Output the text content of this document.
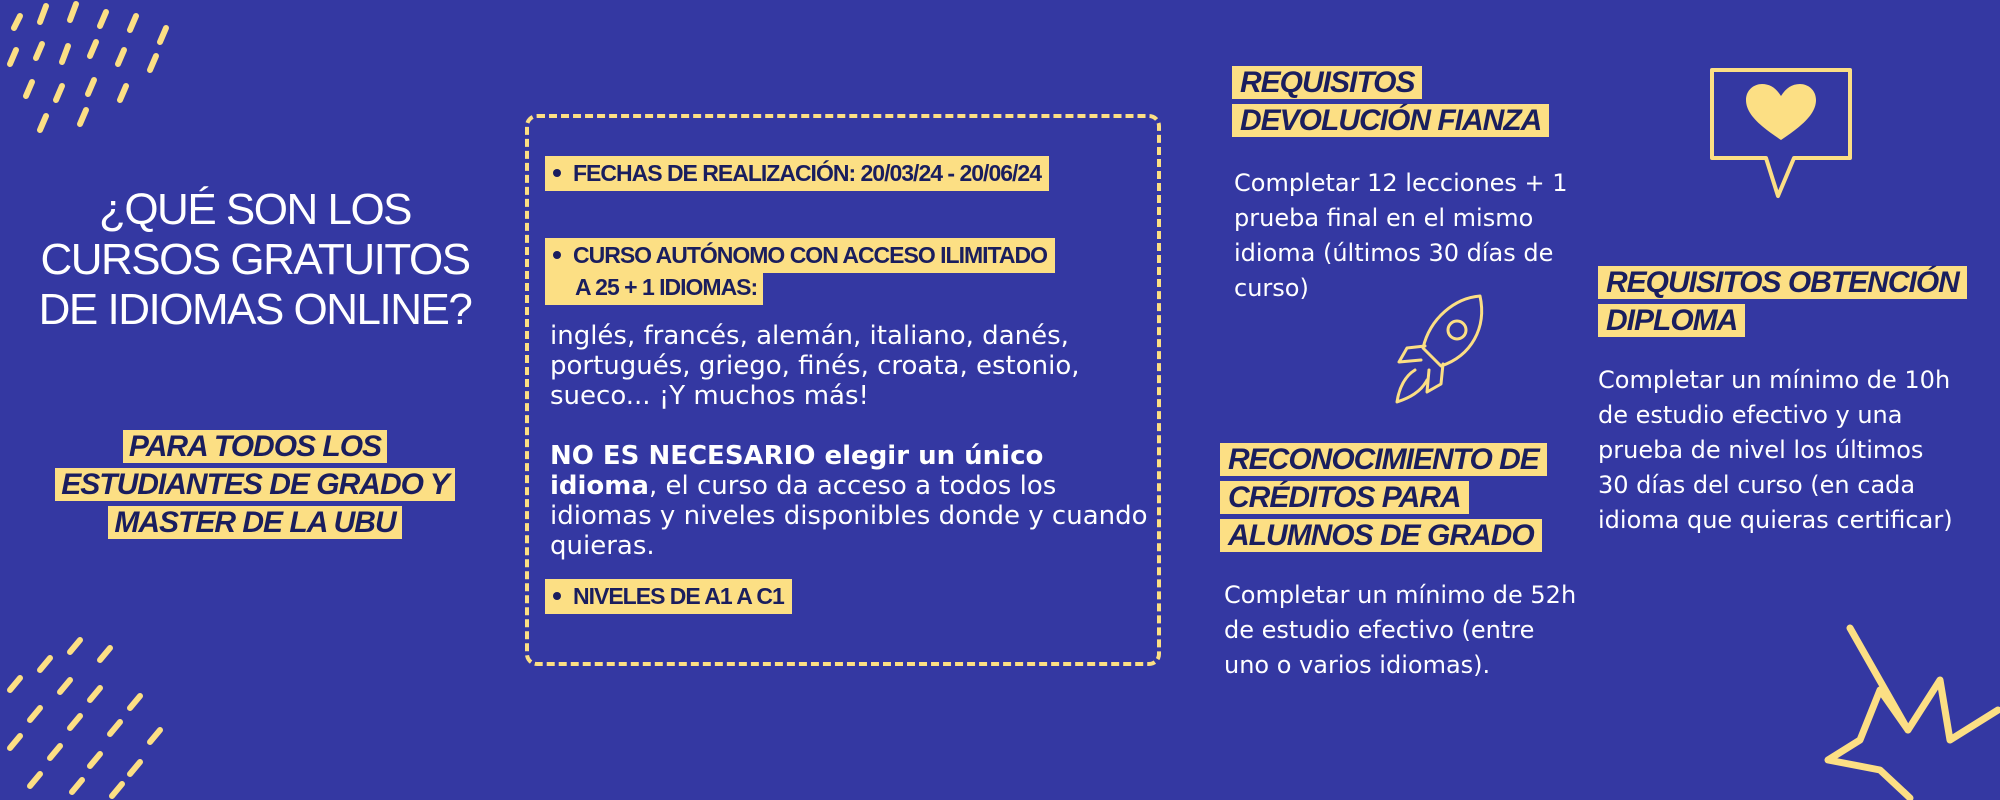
¿QUÉ SON LOS CURSOS GRATUITOS DE IDIOMAS ONLINE?
PARA TODOS LOS ESTUDIANTES DE GRADO Y MASTER DE LA UBU
FECHAS DE REALIZACIÓN: 20/03/24 - 20/06/24
CURSO AUTÓNOMO CON ACCESO ILIMITADO
A 25 + 1 IDIOMAS:
inglés, francés, alemán, italiano, danés, portugués, griego, finés, croata, estonio, sueco... ¡Y muchos más!
NO ES NECESARIO elegir un único idioma, el curso da acceso a todos los idiomas y niveles disponibles donde y cuando quieras.
NIVELES DE A1 A C1
REQUISITOS
DEVOLUCIÓN FIANZA
Completar 12 lecciones + 1 prueba final en el mismo idioma (últimos 30 días de curso)
RECONOCIMIENTO DE
CRÉDITOS PARA
ALUMNOS DE GRADO
Completar un mínimo de 52h de estudio efectivo (entre uno o varios idiomas).
REQUISITOS OBTENCIÓN
DIPLOMA
Completar un mínimo de 10h de estudio efectivo y una prueba de nivel los últimos 30 días del curso (en cada idioma que quieras certificar)
